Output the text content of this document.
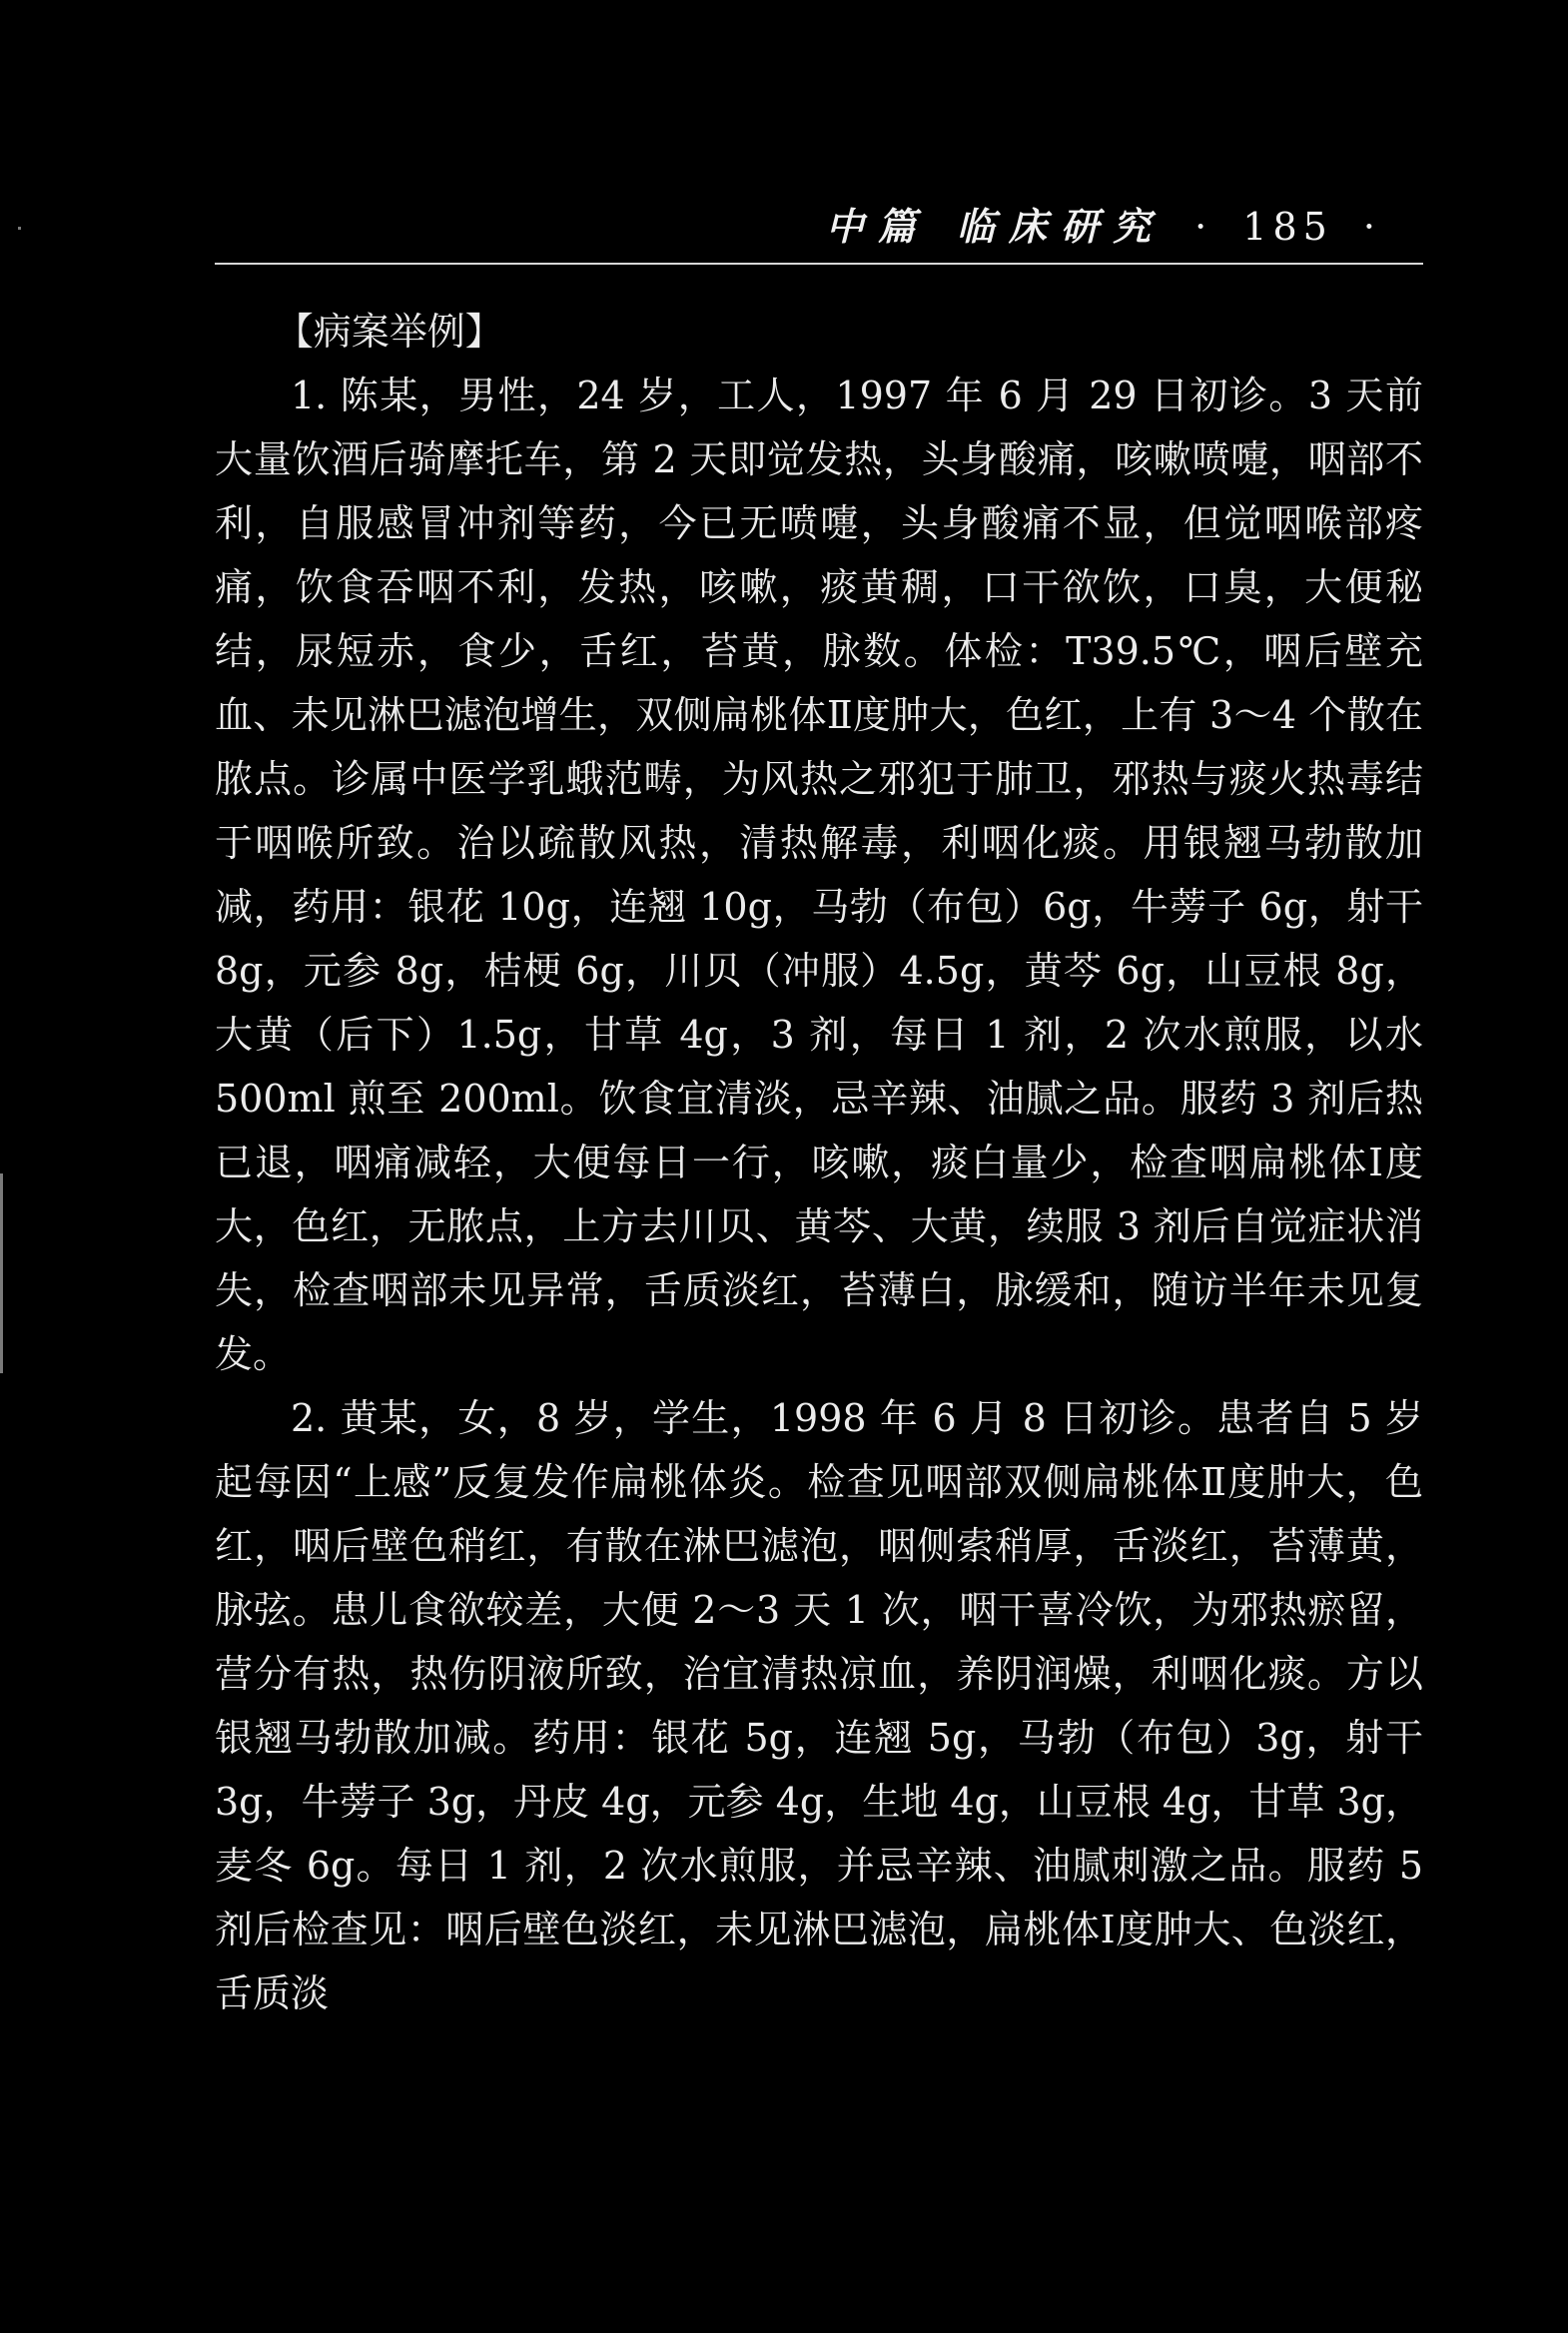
中篇 临床研究 · 185 ·

【病案举例】

1. 陈某，男性，24 岁，工人，1997 年 6 月 29 日初诊。3 天前大量饮酒后骑摩托车，第 2 天即觉发热，头身酸痛，咳嗽喷嚏，咽部不利，自服感冒冲剂等药，今已无喷嚏，头身酸痛不显，但觉咽喉部疼痛，饮食吞咽不利，发热，咳嗽，痰黄稠，口干欲饮，口臭，大便秘结，尿短赤，食少，舌红，苔黄，脉数。体检：T39.5℃，咽后壁充血、未见淋巴滤泡增生，双侧扁桃体Ⅱ度肿大，色红，上有 3～4 个散在脓点。诊属中医学乳蛾范畴，为风热之邪犯于肺卫，邪热与痰火热毒结于咽喉所致。治以疏散风热，清热解毒，利咽化痰。用银翘马勃散加减，药用：银花 10g，连翘 10g，马勃（布包）6g，牛蒡子 6g，射干 8g，元参 8g，桔梗 6g，川贝（冲服）4.5g，黄芩 6g，山豆根 8g，大黄（后下）1.5g，甘草 4g，3 剂，每日 1 剂，2 次水煎服，以水 500ml 煎至 200ml。饮食宜清淡，忌辛辣、油腻之品。服药 3 剂后热已退，咽痛减轻，大便每日一行，咳嗽，痰白量少，检查咽扁桃体Ⅰ度大，色红，无脓点，上方去川贝、黄芩、大黄，续服 3 剂后自觉症状消失，检查咽部未见异常，舌质淡红，苔薄白，脉缓和，随访半年未见复发。

2. 黄某，女，8 岁，学生，1998 年 6 月 8 日初诊。患者自 5 岁起每因“上感”反复发作扁桃体炎。检查见咽部双侧扁桃体Ⅱ度肿大，色红，咽后壁色稍红，有散在淋巴滤泡，咽侧索稍厚，舌淡红，苔薄黄，脉弦。患儿食欲较差，大便 2～3 天 1 次，咽干喜冷饮，为邪热瘀留，营分有热，热伤阴液所致，治宜清热凉血，养阴润燥，利咽化痰。方以银翘马勃散加减。药用：银花 5g，连翘 5g，马勃（布包）3g，射干 3g，牛蒡子 3g，丹皮 4g，元参 4g，生地 4g，山豆根 4g，甘草 3g，麦冬 6g。每日 1 剂，2 次水煎服，并忌辛辣、油腻刺激之品。服药 5 剂后检查见：咽后壁色淡红，未见淋巴滤泡，扁桃体Ⅰ度肿大、色淡红，舌质淡
